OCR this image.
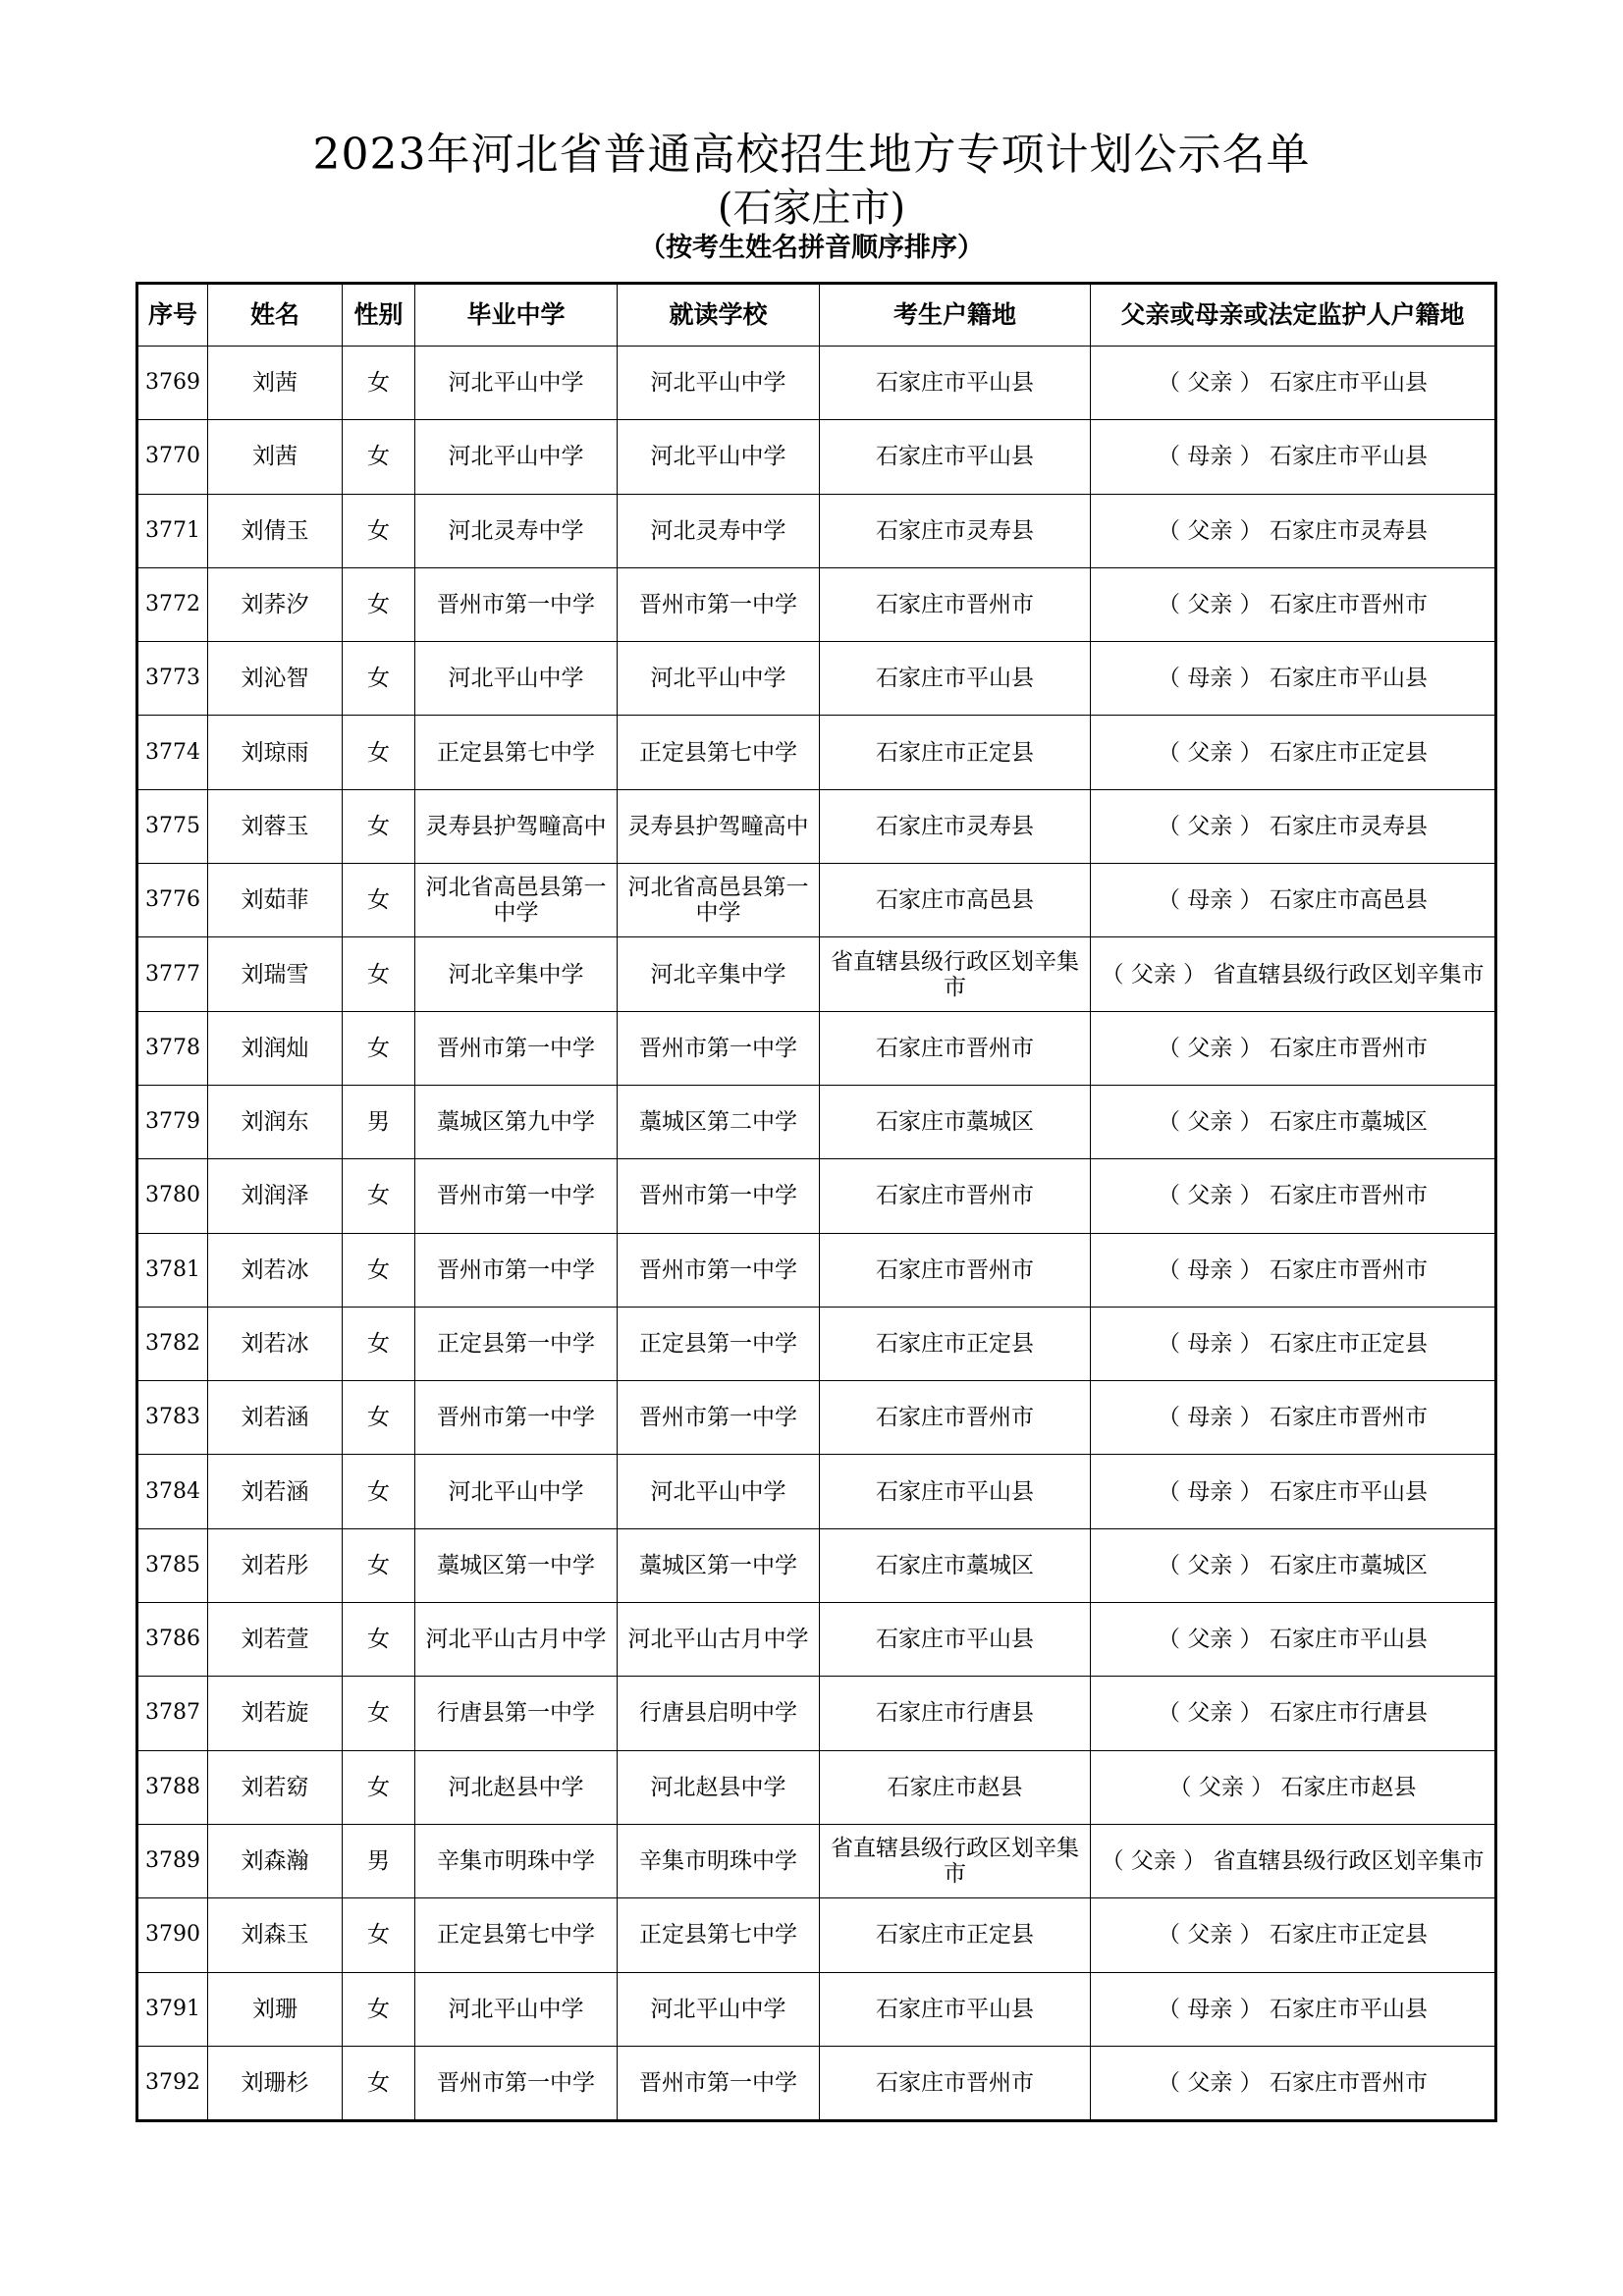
2023年河北省普通高校招生地方专项计划公示名单
(石家庄市)
（按考生姓名拼音顺序排序）
序号	姓名	性别	毕业中学	就读学校	考生户籍地	父亲或母亲或法定监护人户籍地
3769	刘茜	女	河北平山中学	河北平山中学	石家庄市平山县	（ 父亲 ） 石家庄市平山县
3770	刘茜	女	河北平山中学	河北平山中学	石家庄市平山县	（ 母亲 ） 石家庄市平山县
3771	刘倩玉	女	河北灵寿中学	河北灵寿中学	石家庄市灵寿县	（ 父亲 ） 石家庄市灵寿县
3772	刘荞汐	女	晋州市第一中学	晋州市第一中学	石家庄市晋州市	（ 父亲 ） 石家庄市晋州市
3773	刘沁智	女	河北平山中学	河北平山中学	石家庄市平山县	（ 母亲 ） 石家庄市平山县
3774	刘琼雨	女	正定县第七中学	正定县第七中学	石家庄市正定县	（ 父亲 ） 石家庄市正定县
3775	刘蓉玉	女	灵寿县护驾疃高中	灵寿县护驾疃高中	石家庄市灵寿县	（ 父亲 ） 石家庄市灵寿县
3776	刘茹菲	女	河北省高邑县第一中学	河北省高邑县第一中学	石家庄市高邑县	（ 母亲 ） 石家庄市高邑县
3777	刘瑞雪	女	河北辛集中学	河北辛集中学	省直辖县级行政区划辛集市	（ 父亲 ） 省直辖县级行政区划辛集市
3778	刘润灿	女	晋州市第一中学	晋州市第一中学	石家庄市晋州市	（ 父亲 ） 石家庄市晋州市
3779	刘润东	男	藁城区第九中学	藁城区第二中学	石家庄市藁城区	（ 父亲 ） 石家庄市藁城区
3780	刘润泽	女	晋州市第一中学	晋州市第一中学	石家庄市晋州市	（ 父亲 ） 石家庄市晋州市
3781	刘若冰	女	晋州市第一中学	晋州市第一中学	石家庄市晋州市	（ 母亲 ） 石家庄市晋州市
3782	刘若冰	女	正定县第一中学	正定县第一中学	石家庄市正定县	（ 母亲 ） 石家庄市正定县
3783	刘若涵	女	晋州市第一中学	晋州市第一中学	石家庄市晋州市	（ 母亲 ） 石家庄市晋州市
3784	刘若涵	女	河北平山中学	河北平山中学	石家庄市平山县	（ 母亲 ） 石家庄市平山县
3785	刘若彤	女	藁城区第一中学	藁城区第一中学	石家庄市藁城区	（ 父亲 ） 石家庄市藁城区
3786	刘若萱	女	河北平山古月中学	河北平山古月中学	石家庄市平山县	（ 父亲 ） 石家庄市平山县
3787	刘若旋	女	行唐县第一中学	行唐县启明中学	石家庄市行唐县	（ 父亲 ） 石家庄市行唐县
3788	刘若窈	女	河北赵县中学	河北赵县中学	石家庄市赵县	（ 父亲 ） 石家庄市赵县
3789	刘森瀚	男	辛集市明珠中学	辛集市明珠中学	省直辖县级行政区划辛集市	（ 父亲 ） 省直辖县级行政区划辛集市
3790	刘森玉	女	正定县第七中学	正定县第七中学	石家庄市正定县	（ 父亲 ） 石家庄市正定县
3791	刘珊	女	河北平山中学	河北平山中学	石家庄市平山县	（ 母亲 ） 石家庄市平山县
3792	刘珊杉	女	晋州市第一中学	晋州市第一中学	石家庄市晋州市	（ 父亲 ） 石家庄市晋州市
